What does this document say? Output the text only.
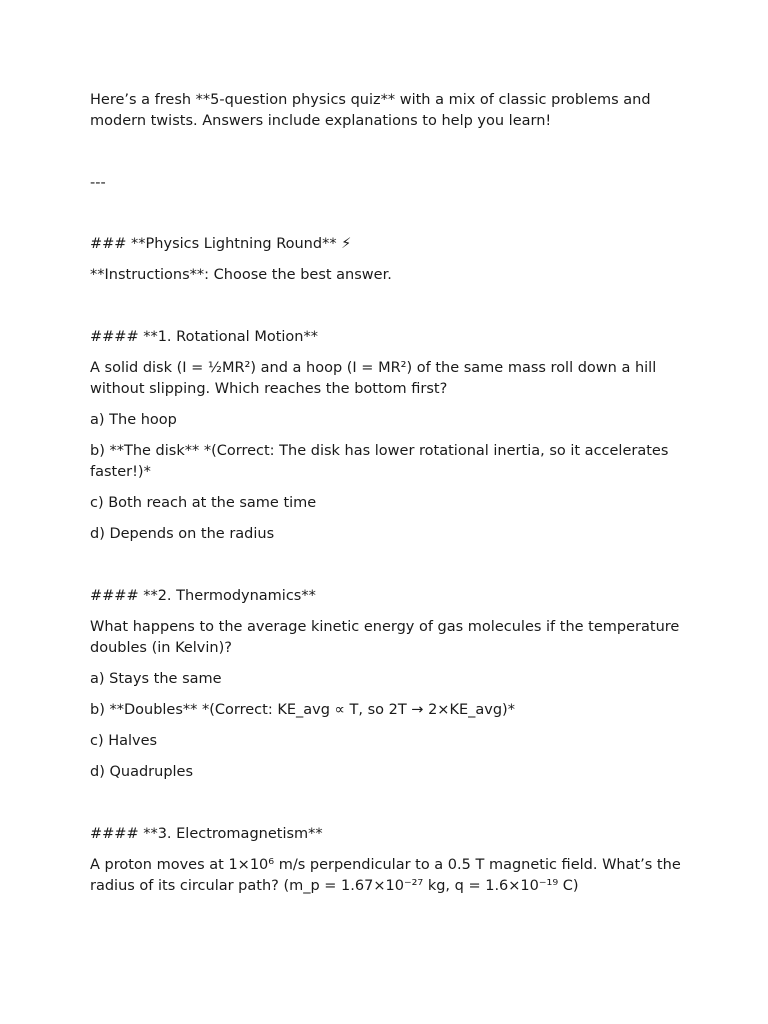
Here’s a fresh **5-question physics quiz** with a mix of classic problems and modern twists. Answers include explanations to help you learn!

---

### **Physics Lightning Round** ⚡

**Instructions**: Choose the best answer.

#### **1. Rotational Motion**

A solid disk (I = ½MR²) and a hoop (I = MR²) of the same mass roll down a hill without slipping. Which reaches the bottom first?

a) The hoop

b) **The disk** *(Correct: The disk has lower rotational inertia, so it accelerates faster!)*

c) Both reach at the same time

d) Depends on the radius

#### **2. Thermodynamics**

What happens to the average kinetic energy of gas molecules if the temperature doubles (in Kelvin)?

a) Stays the same

b) **Doubles** *(Correct: KE_avg ∝ T, so 2T → 2×KE_avg)*

c) Halves

d) Quadruples

#### **3. Electromagnetism**

A proton moves at 1×10⁶ m/s perpendicular to a 0.5 T magnetic field. What’s the radius of its circular path? (m_p = 1.67×10⁻²⁷ kg, q = 1.6×10⁻¹⁹ C)
